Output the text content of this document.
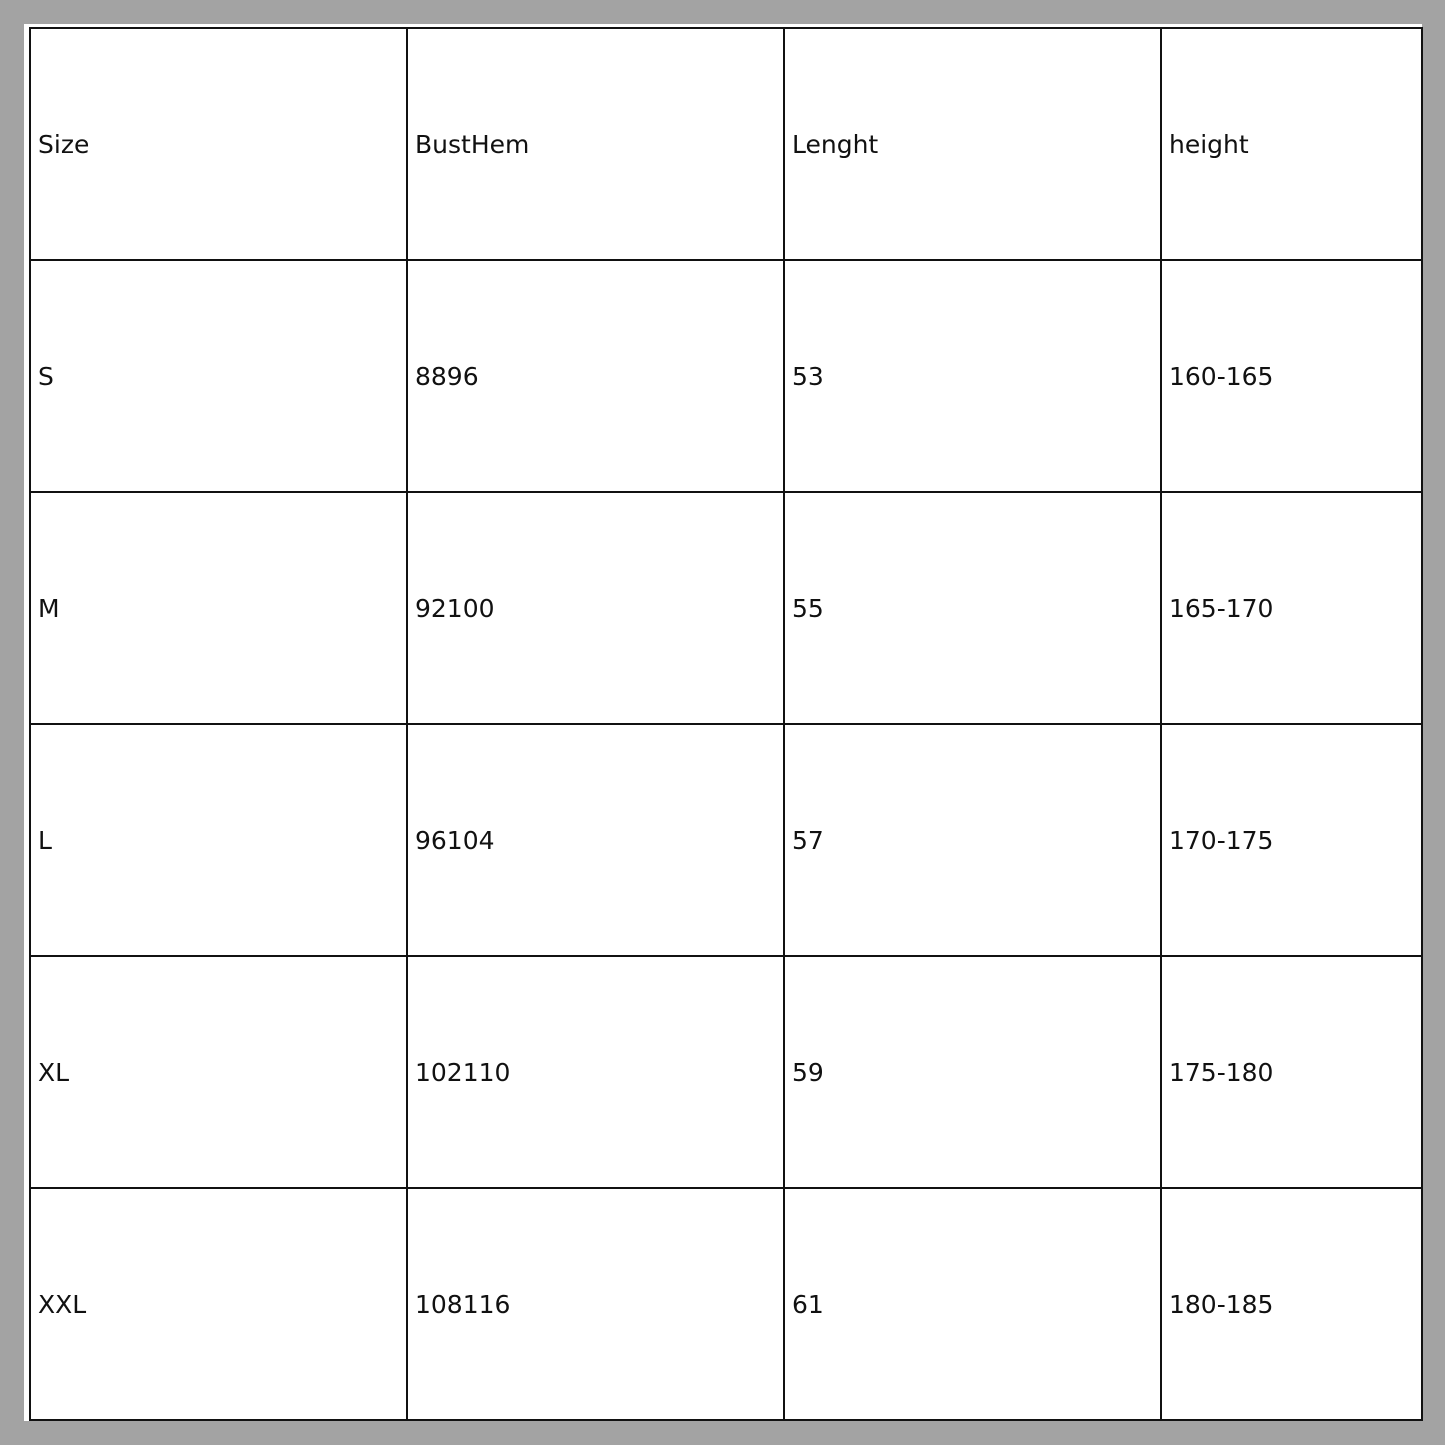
Size	BustHem	Lenght	height
S	8896	53	160-165
M	92100	55	165-170
L	96104	57	170-175
XL	102110	59	175-180
XXL	108116	61	180-185
